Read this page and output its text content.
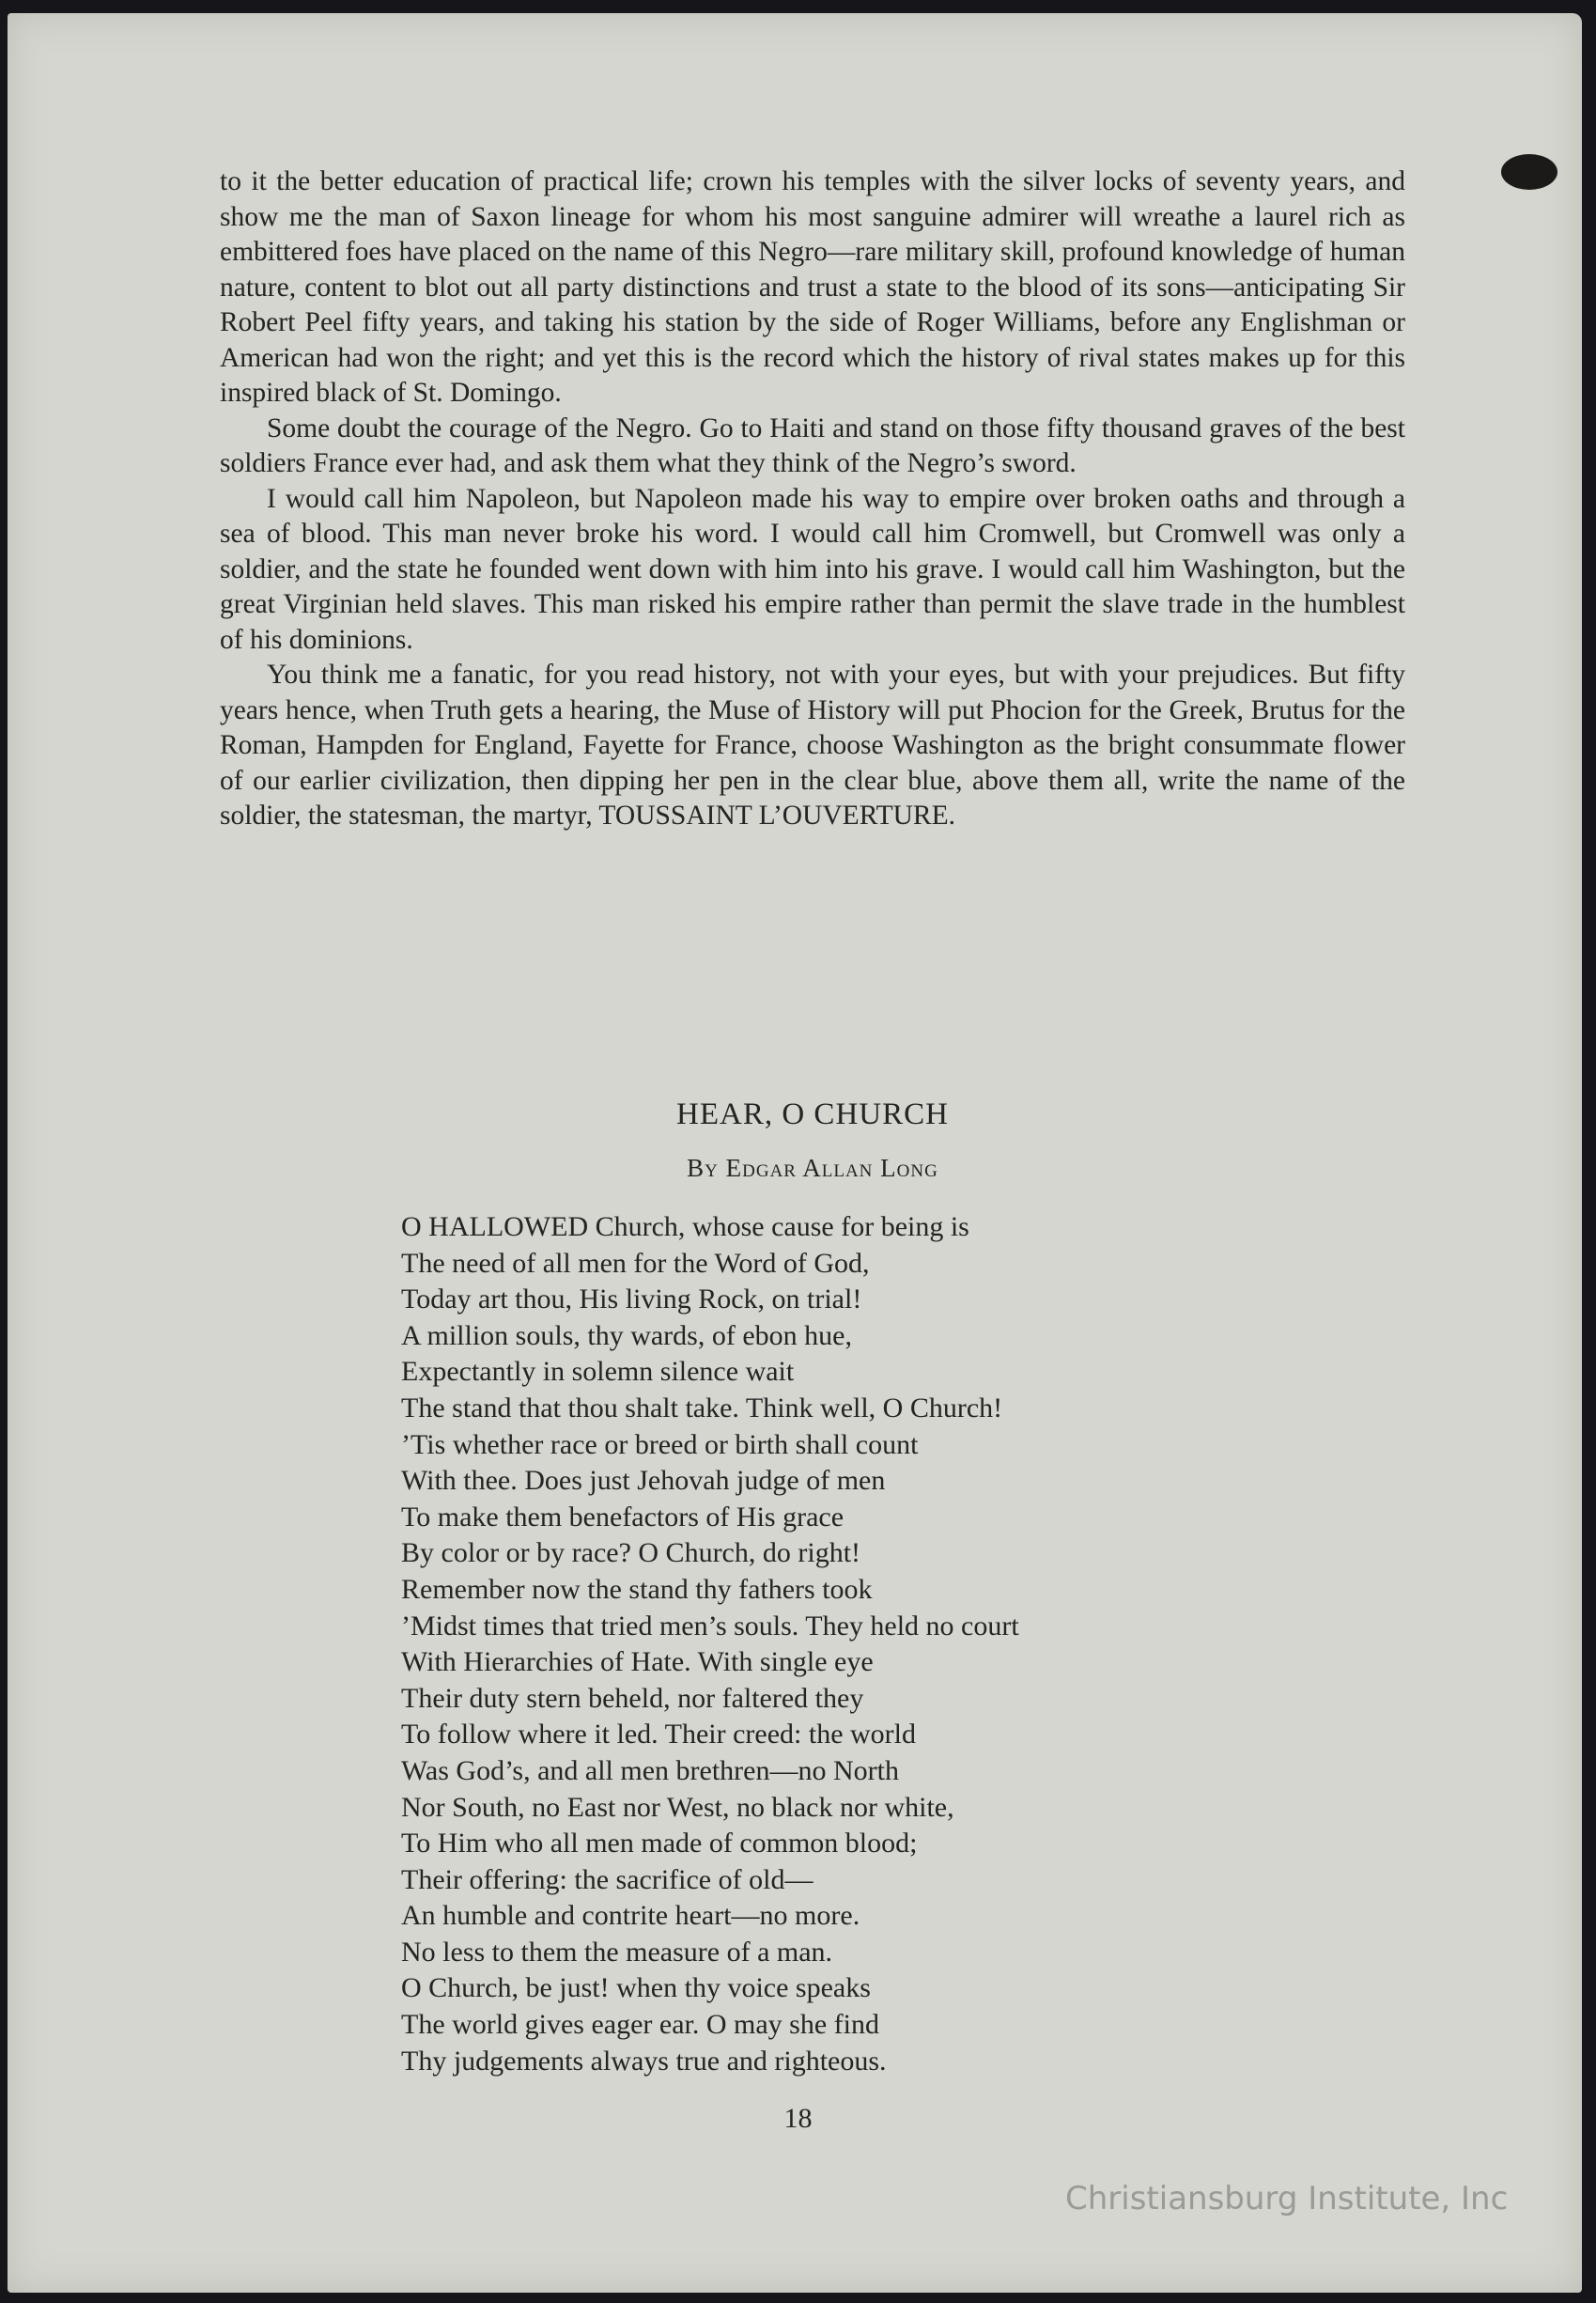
to it the better education of practical life; crown his temples with the silver locks of seventy years, and show me the man of Saxon lineage for whom his most sanguine admirer will wreathe a laurel rich as embittered foes have placed on the name of this Negro—rare military skill, profound knowledge of human nature, content to blot out all party distinctions and trust a state to the blood of its sons—anticipating Sir Robert Peel fifty years, and taking his station by the side of Roger Williams, before any Englishman or American had won the right; and yet this is the record which the history of rival states makes up for this inspired black of St. Domingo.

Some doubt the courage of the Negro. Go to Haiti and stand on those fifty thousand graves of the best soldiers France ever had, and ask them what they think of the Negro’s sword.

I would call him Napoleon, but Napoleon made his way to empire over broken oaths and through a sea of blood. This man never broke his word. I would call him Cromwell, but Cromwell was only a soldier, and the state he founded went down with him into his grave. I would call him Washington, but the great Virginian held slaves. This man risked his empire rather than permit the slave trade in the humblest of his dominions.

You think me a fanatic, for you read history, not with your eyes, but with your prejudices. But fifty years hence, when Truth gets a hearing, the Muse of History will put Phocion for the Greek, Brutus for the Roman, Hampden for England, Fayette for France, choose Washington as the bright consummate flower of our earlier civilization, then dipping her pen in the clear blue, above them all, write the name of the soldier, the statesman, the martyr, TOUSSAINT L’OUVERTURE.

HEAR, O CHURCH
By Edgar Allan Long
O HALLOWED Church, whose cause for being is
The need of all men for the Word of God,
Today art thou, His living Rock, on trial!
A million souls, thy wards, of ebon hue,
Expectantly in solemn silence wait
The stand that thou shalt take. Think well, O Church!
’Tis whether race or breed or birth shall count
With thee. Does just Jehovah judge of men
To make them benefactors of His grace
By color or by race? O Church, do right!
Remember now the stand thy fathers took
’Midst times that tried men’s souls. They held no court
With Hierarchies of Hate. With single eye
Their duty stern beheld, nor faltered they
To follow where it led. Their creed: the world
Was God’s, and all men brethren—no North
Nor South, no East nor West, no black nor white,
To Him who all men made of common blood;
Their offering: the sacrifice of old—
An humble and contrite heart—no more.
No less to them the measure of a man.
O Church, be just! when thy voice speaks
The world gives eager ear. O may she find
Thy judgements always true and righteous.
18
Christiansburg Institute, Inc
